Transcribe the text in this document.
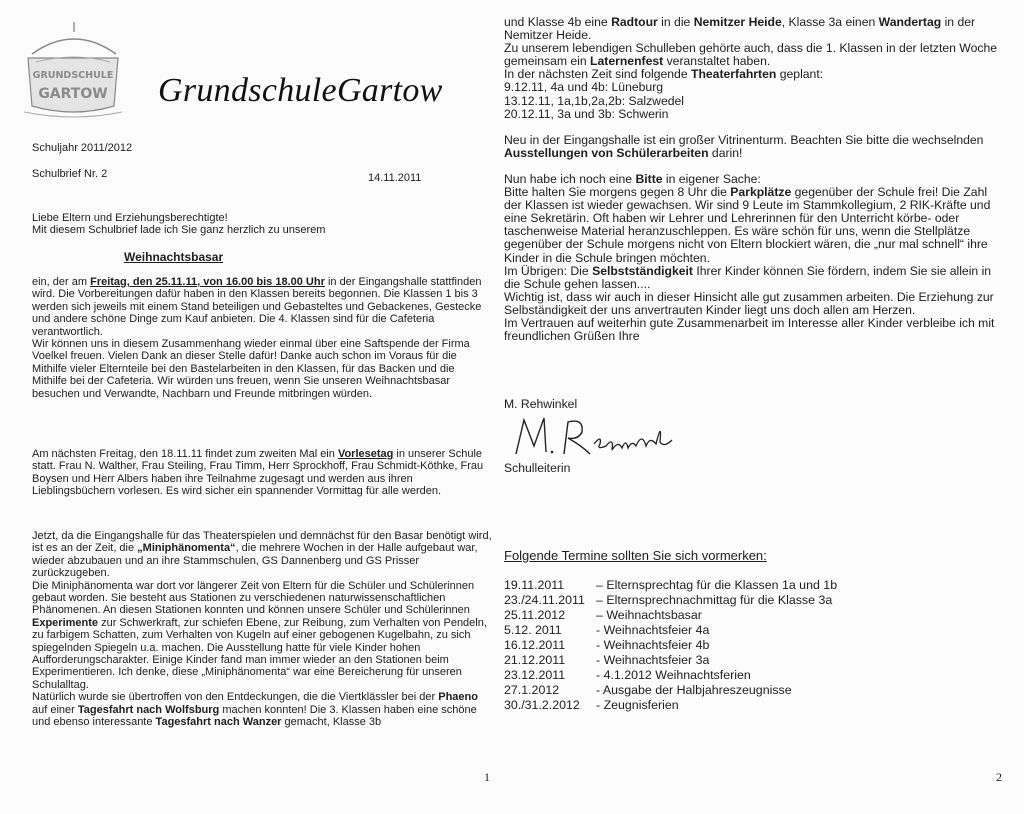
GRUNDSCHULE
GARTOW GrundschuleGartow
Schuljahr 2011/2012
Schulbrief Nr. 2	14.11.2011

Liebe Eltern und Erziehungsberechtigte!

Mit diesem Schulbrief lade ich Sie ganz herzlich zu unserem

Weihnachtsbasar

ein, der am Freitag, den 25.11.11, von 16.00 bis 18.00 Uhr in der Eingangshalle stattfinden wird. Die Vorbereitungen dafür haben in den Klassen bereits begonnen. Die Klassen 1 bis 3 werden sich jeweils mit einem Stand beteiligen und Gebasteltes und Gebackenes, Gestecke und andere schöne Dinge zum Kauf anbieten. Die 4. Klassen sind für die Cafeteria verantwortlich.

Wir können uns in diesem Zusammenhang wieder einmal über eine Saftspende der Firma Voelkel freuen. Vielen Dank an dieser Stelle dafür! Danke auch schon im Voraus für die Mithilfe vieler Elternteile bei den Bastelarbeiten in den Klassen, für das Backen und die Mithilfe bei der Cafeteria. Wir würden uns freuen, wenn Sie unseren Weihnachtsbasar

besuchen und Verwandte, Nachbarn und Freunde mitbringen würden.

Am nächsten Freitag, den 18.11.11 findet zum zweiten Mal ein Vorlesetag in unserer Schule statt. Frau N. Walther, Frau Steiling, Frau Timm, Herr Sprockhoff, Frau Schmidt-Köthke, Frau Boysen und Herr Albers haben ihre Teilnahme zugesagt und werden aus ihren Lieblingsbüchern vorlesen. Es wird sicher ein spannender Vormittag für alle werden.

Jetzt, da die Eingangshalle für das Theaterspielen und demnächst für den Basar benötigt wird, ist es an der Zeit, die „Miniphänomenta“, die mehrere Wochen in der Halle aufgebaut war, wieder abzubauen und an ihre Stammschulen, GS Dannenberg und GS Prisser zurückzugeben.

Die Miniphänomenta war dort vor längerer Zeit von Eltern für die Schüler und Schülerinnen gebaut worden. Sie besteht aus Stationen zu verschiedenen naturwissenschaftlichen Phänomenen. An diesen Stationen konnten und können unsere Schüler und Schülerinnen Experimente zur Schwerkraft, zur schiefen Ebene, zur Reibung, zum Verhalten von Pendeln, zu farbigem Schatten, zum Verhalten von Kugeln auf einer gebogenen Kugelbahn, zu sich spiegelnden Spiegeln u.a. machen. Die Ausstellung hatte für viele Kinder hohen Aufforderungscharakter. Einige Kinder fand man immer wieder an den Stationen beim Experimentieren. Ich denke, diese „Miniphänomenta“ war eine Bereicherung für unseren Schulalltag.

Natürlich wurde sie übertroffen von den Entdeckungen, die die Viertklässler bei der Phaeno auf einer Tagesfahrt nach Wolfsburg machen konnten! Die 3. Klassen haben eine schöne und ebenso interessante Tagesfahrt nach Wanzer gemacht, Klasse 3b

1

und Klasse 4b eine Radtour in die Nemitzer Heide, Klasse 3a einen Wandertag in der Nemitzer Heide.

Zu unserem lebendigen Schulleben gehörte auch, dass die 1. Klassen in der letzten Woche gemeinsam ein Laternenfest veranstaltet haben.

In der nächsten Zeit sind folgende Theaterfahrten geplant:

9.12.11, 4a und 4b: Lüneburg

13.12.11, 1a,1b,2a,2b: Salzwedel

20.12.11, 3a und 3b: Schwerin

Neu in der Eingangshalle ist ein großer Vitrinenturm. Beachten Sie bitte die wechselnden Ausstellungen von Schülerarbeiten darin!

Nun habe ich noch eine Bitte in eigener Sache:

Bitte halten Sie morgens gegen 8 Uhr die Parkplätze gegenüber der Schule frei! Die Zahl der Klassen ist wieder gewachsen. Wir sind 9 Leute im Stammkollegium, 2 RIK-Kräfte und eine Sekretärin. Oft haben wir Lehrer und Lehrerinnen für den Unterricht körbe- oder taschenweise Material heranzuschleppen. Es wäre schön für uns, wenn die Stellplätze gegenüber der Schule morgens nicht von Eltern blockiert wären, die „nur mal schnell“ ihre Kinder in die Schule bringen möchten.

Im Übrigen: Die Selbstständigkeit Ihrer Kinder können Sie fördern, indem Sie sie allein in die Schule gehen lassen....

Wichtig ist, dass wir auch in dieser Hinsicht alle gut zusammen arbeiten. Die Erziehung zur Selbständigkeit der uns anvertrauten Kinder liegt uns doch allen am Herzen.

Im Vertrauen auf weiterhin gute Zusammenarbeit im Interesse aller Kinder verbleibe ich mit freundlichen Grüßen Ihre

M. Rehwinkel
Schulleiterin
Folgende Termine sollten Sie sich vormerken:
19.11.2011	– Elternsprechtag für die Klassen 1a und 1b
23./24.11.2011 – Elternsprechnachmittag für die Klasse 3a
25.11.2012 – Weihnachtsbasar
5.12. 2011	- Weihnachtsfeier 4a
16.12.2011 - Weihnachtsfeier 4b
21.12.2011 - Weihnachtsfeier 3a
23.12.2011 - 4.1.2012 Weihnachtsferien
27.1.2012	- Ausgabe der Halbjahreszeugnisse
30./31.2.2012 - Zeugnisferien
2
